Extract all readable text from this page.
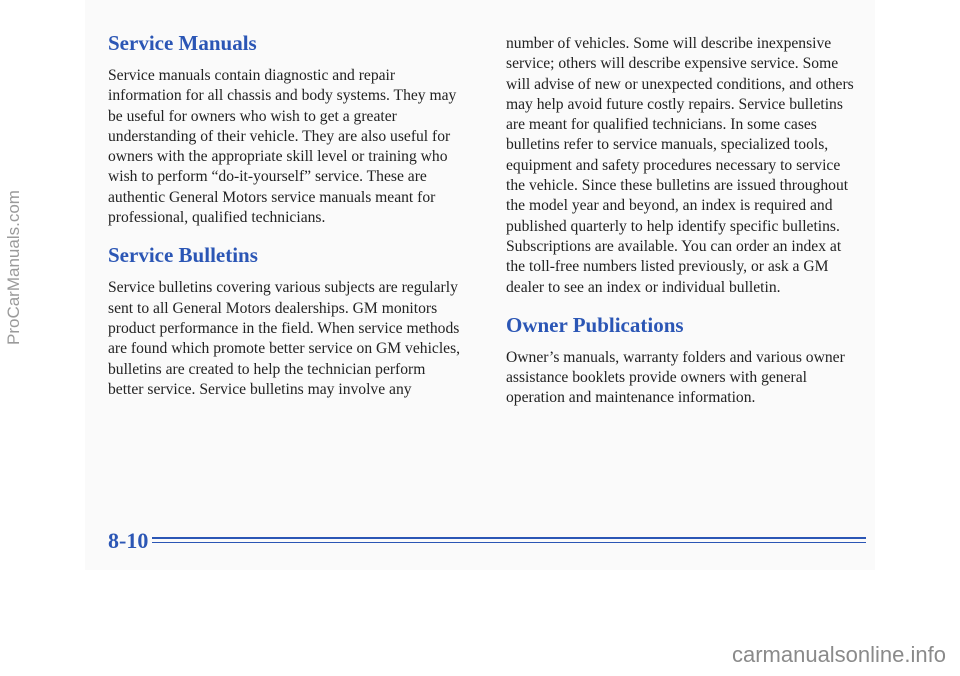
Service Manuals

Service manuals contain diagnostic and repair
information for all chassis and body systems. They may
be useful for owners who wish to get a greater
understanding of their vehicle. They are also useful for
owners with the appropriate skill level or training who
wish to perform “do-it-yourself” service. These are
authentic General Motors service manuals meant for
professional, qualified technicians.

Service Bulletins

Service bulletins covering various subjects are regularly
sent to all General Motors dealerships. GM monitors
product performance in the field. When service methods
are found which promote better service on GM vehicles,
bulletins are created to help the technician perform
better service. Service bulletins may involve any

number of vehicles. Some will describe inexpensive
service; others will describe expensive service. Some
will advise of new or unexpected conditions, and others
may help avoid future costly repairs. Service bulletins
are meant for qualified technicians. In some cases
bulletins refer to service manuals, specialized tools,
equipment and safety procedures necessary to service
the vehicle. Since these bulletins are issued throughout
the model year and beyond, an index is required and
published quarterly to help identify specific bulletins.
Subscriptions are available. You can order an index at
the toll-free numbers listed previously, or ask a GM
dealer to see an index or individual bulletin.

Owner Publications

Owner’s manuals, warranty folders and various owner
assistance booklets provide owners with general
operation and maintenance information.

8-10
ProCarManuals.com
carmanualsonline.info
